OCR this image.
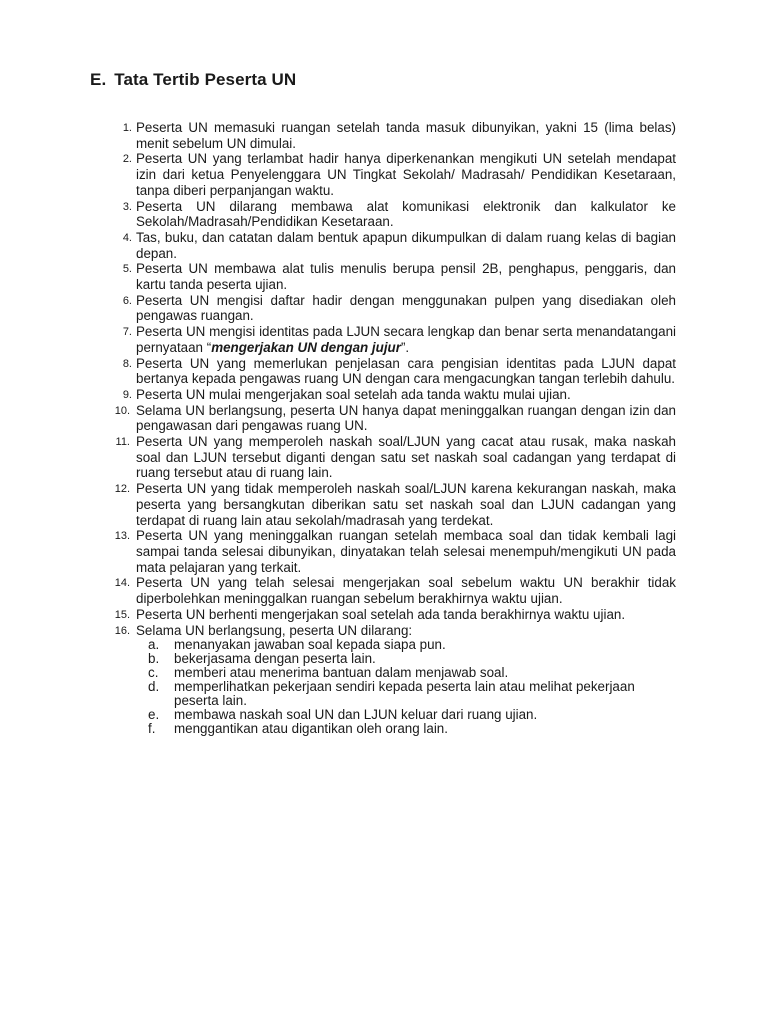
E. Tata Tertib Peserta UN
1. Peserta UN memasuki ruangan setelah tanda masuk dibunyikan, yakni 15 (lima belas) menit sebelum UN dimulai.
2. Peserta UN yang terlambat hadir hanya diperkenankan mengikuti UN setelah mendapat izin dari ketua Penyelenggara UN Tingkat Sekolah/ Madrasah/ Pendidikan Kesetaraan, tanpa diberi perpanjangan waktu.
3. Peserta UN dilarang membawa alat komunikasi elektronik dan kalkulator ke Sekolah/Madrasah/Pendidikan Kesetaraan.
4. Tas, buku, dan catatan dalam bentuk apapun dikumpulkan di dalam ruang kelas di bagian depan.
5. Peserta UN membawa alat tulis menulis berupa pensil 2B, penghapus, penggaris, dan kartu tanda peserta ujian.
6. Peserta UN mengisi daftar hadir dengan menggunakan pulpen yang disediakan oleh pengawas ruangan.
7. Peserta UN mengisi identitas pada LJUN secara lengkap dan benar serta menandatangani pernyataan “mengerjakan UN dengan jujur”.
8. Peserta UN yang memerlukan penjelasan cara pengisian identitas pada LJUN dapat bertanya kepada pengawas ruang UN dengan cara mengacungkan tangan terlebih dahulu.
9. Peserta UN mulai mengerjakan soal setelah ada tanda waktu mulai ujian.
10. Selama UN berlangsung, peserta UN hanya dapat meninggalkan ruangan dengan izin dan pengawasan dari pengawas ruang UN.
11. Peserta UN yang memperoleh naskah soal/LJUN yang cacat atau rusak, maka naskah soal dan LJUN tersebut diganti dengan satu set naskah soal cadangan yang terdapat di ruang tersebut atau di ruang lain.
12. Peserta UN yang tidak memperoleh naskah soal/LJUN karena kekurangan naskah, maka peserta yang bersangkutan diberikan satu set naskah soal dan LJUN cadangan yang terdapat di ruang lain atau sekolah/madrasah yang terdekat.
13. Peserta UN yang meninggalkan ruangan setelah membaca soal dan tidak kembali lagi sampai tanda selesai dibunyikan, dinyatakan telah selesai menempuh/mengikuti UN pada mata pelajaran yang terkait.
14. Peserta UN yang telah selesai mengerjakan soal sebelum waktu UN berakhir tidak diperbolehkan meninggalkan ruangan sebelum berakhirnya waktu ujian.
15. Peserta UN berhenti mengerjakan soal setelah ada tanda berakhirnya waktu ujian.
16. Selama UN berlangsung, peserta UN dilarang:
a.	menanyakan jawaban soal kepada siapa pun.
b.	bekerjasama dengan peserta lain.
c.	memberi atau menerima bantuan dalam menjawab soal.
d.	memperlihatkan pekerjaan sendiri kepada peserta lain atau melihat pekerjaan peserta lain.
e.	membawa naskah soal UN dan LJUN keluar dari ruang ujian.
f.	menggantikan atau digantikan oleh orang lain.
